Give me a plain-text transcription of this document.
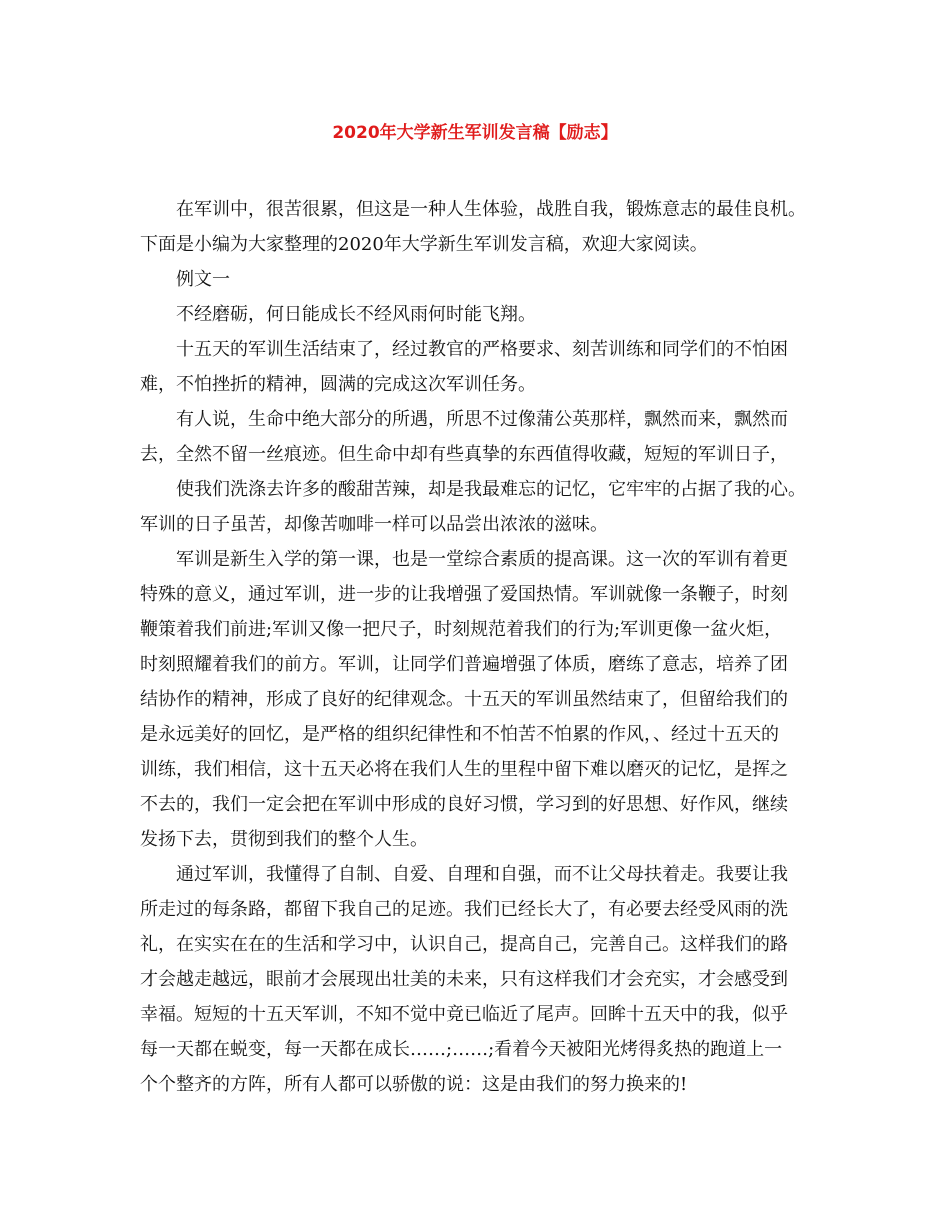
2020年大学新生军训发言稿【励志】

在军训中，很苦很累，但这是一种人生体验，战胜自我，锻炼意志的最佳良机。
下面是小编为大家整理的2020年大学新生军训发言稿，欢迎大家阅读。

例文一

不经磨砺，何日能成长不经风雨何时能飞翔。

十五天的军训生活结束了，经过教官的严格要求、刻苦训练和同学们的不怕困
难，不怕挫折的精神，圆满的完成这次军训任务。

有人说，生命中绝大部分的所遇，所思不过像蒲公英那样，飘然而来，飘然而
去，全然不留一丝痕迹。但生命中却有些真挚的东西值得收藏，短短的军训日子，

使我们洗涤去许多的酸甜苦辣，却是我最难忘的记忆，它牢牢的占据了我的心。
军训的日子虽苦，却像苦咖啡一样可以品尝出浓浓的滋味。

军训是新生入学的第一课，也是一堂综合素质的提高课。这一次的军训有着更
特殊的意义，通过军训，进一步的让我增强了爱国热情。军训就像一条鞭子，时刻
鞭策着我们前进;军训又像一把尺子，时刻规范着我们的行为;军训更像一盆火炬，
时刻照耀着我们的前方。军训，让同学们普遍增强了体质，磨练了意志，培养了团
结协作的精神，形成了良好的纪律观念。十五天的军训虽然结束了，但留给我们的
是永远美好的回忆，是严格的组织纪律性和不怕苦不怕累的作风，、经过十五天的
训练，我们相信，这十五天必将在我们人生的里程中留下难以磨灭的记忆，是挥之
不去的，我们一定会把在军训中形成的良好习惯，学习到的好思想、好作风，继续
发扬下去，贯彻到我们的整个人生。

通过军训，我懂得了自制、自爱、自理和自强，而不让父母扶着走。我要让我
所走过的每条路，都留下我自己的足迹。我们已经长大了，有必要去经受风雨的洗
礼，在实实在在的生活和学习中，认识自己，提高自己，完善自己。这样我们的路
才会越走越远，眼前才会展现出壮美的未来，只有这样我们才会充实，才会感受到
幸福。短短的十五天军训，不知不觉中竟已临近了尾声。回眸十五天中的我，似乎
每一天都在蜕变，每一天都在成长……;……;看着今天被阳光烤得炙热的跑道上一
个个整齐的方阵，所有人都可以骄傲的说：这是由我们的努力换来的!
